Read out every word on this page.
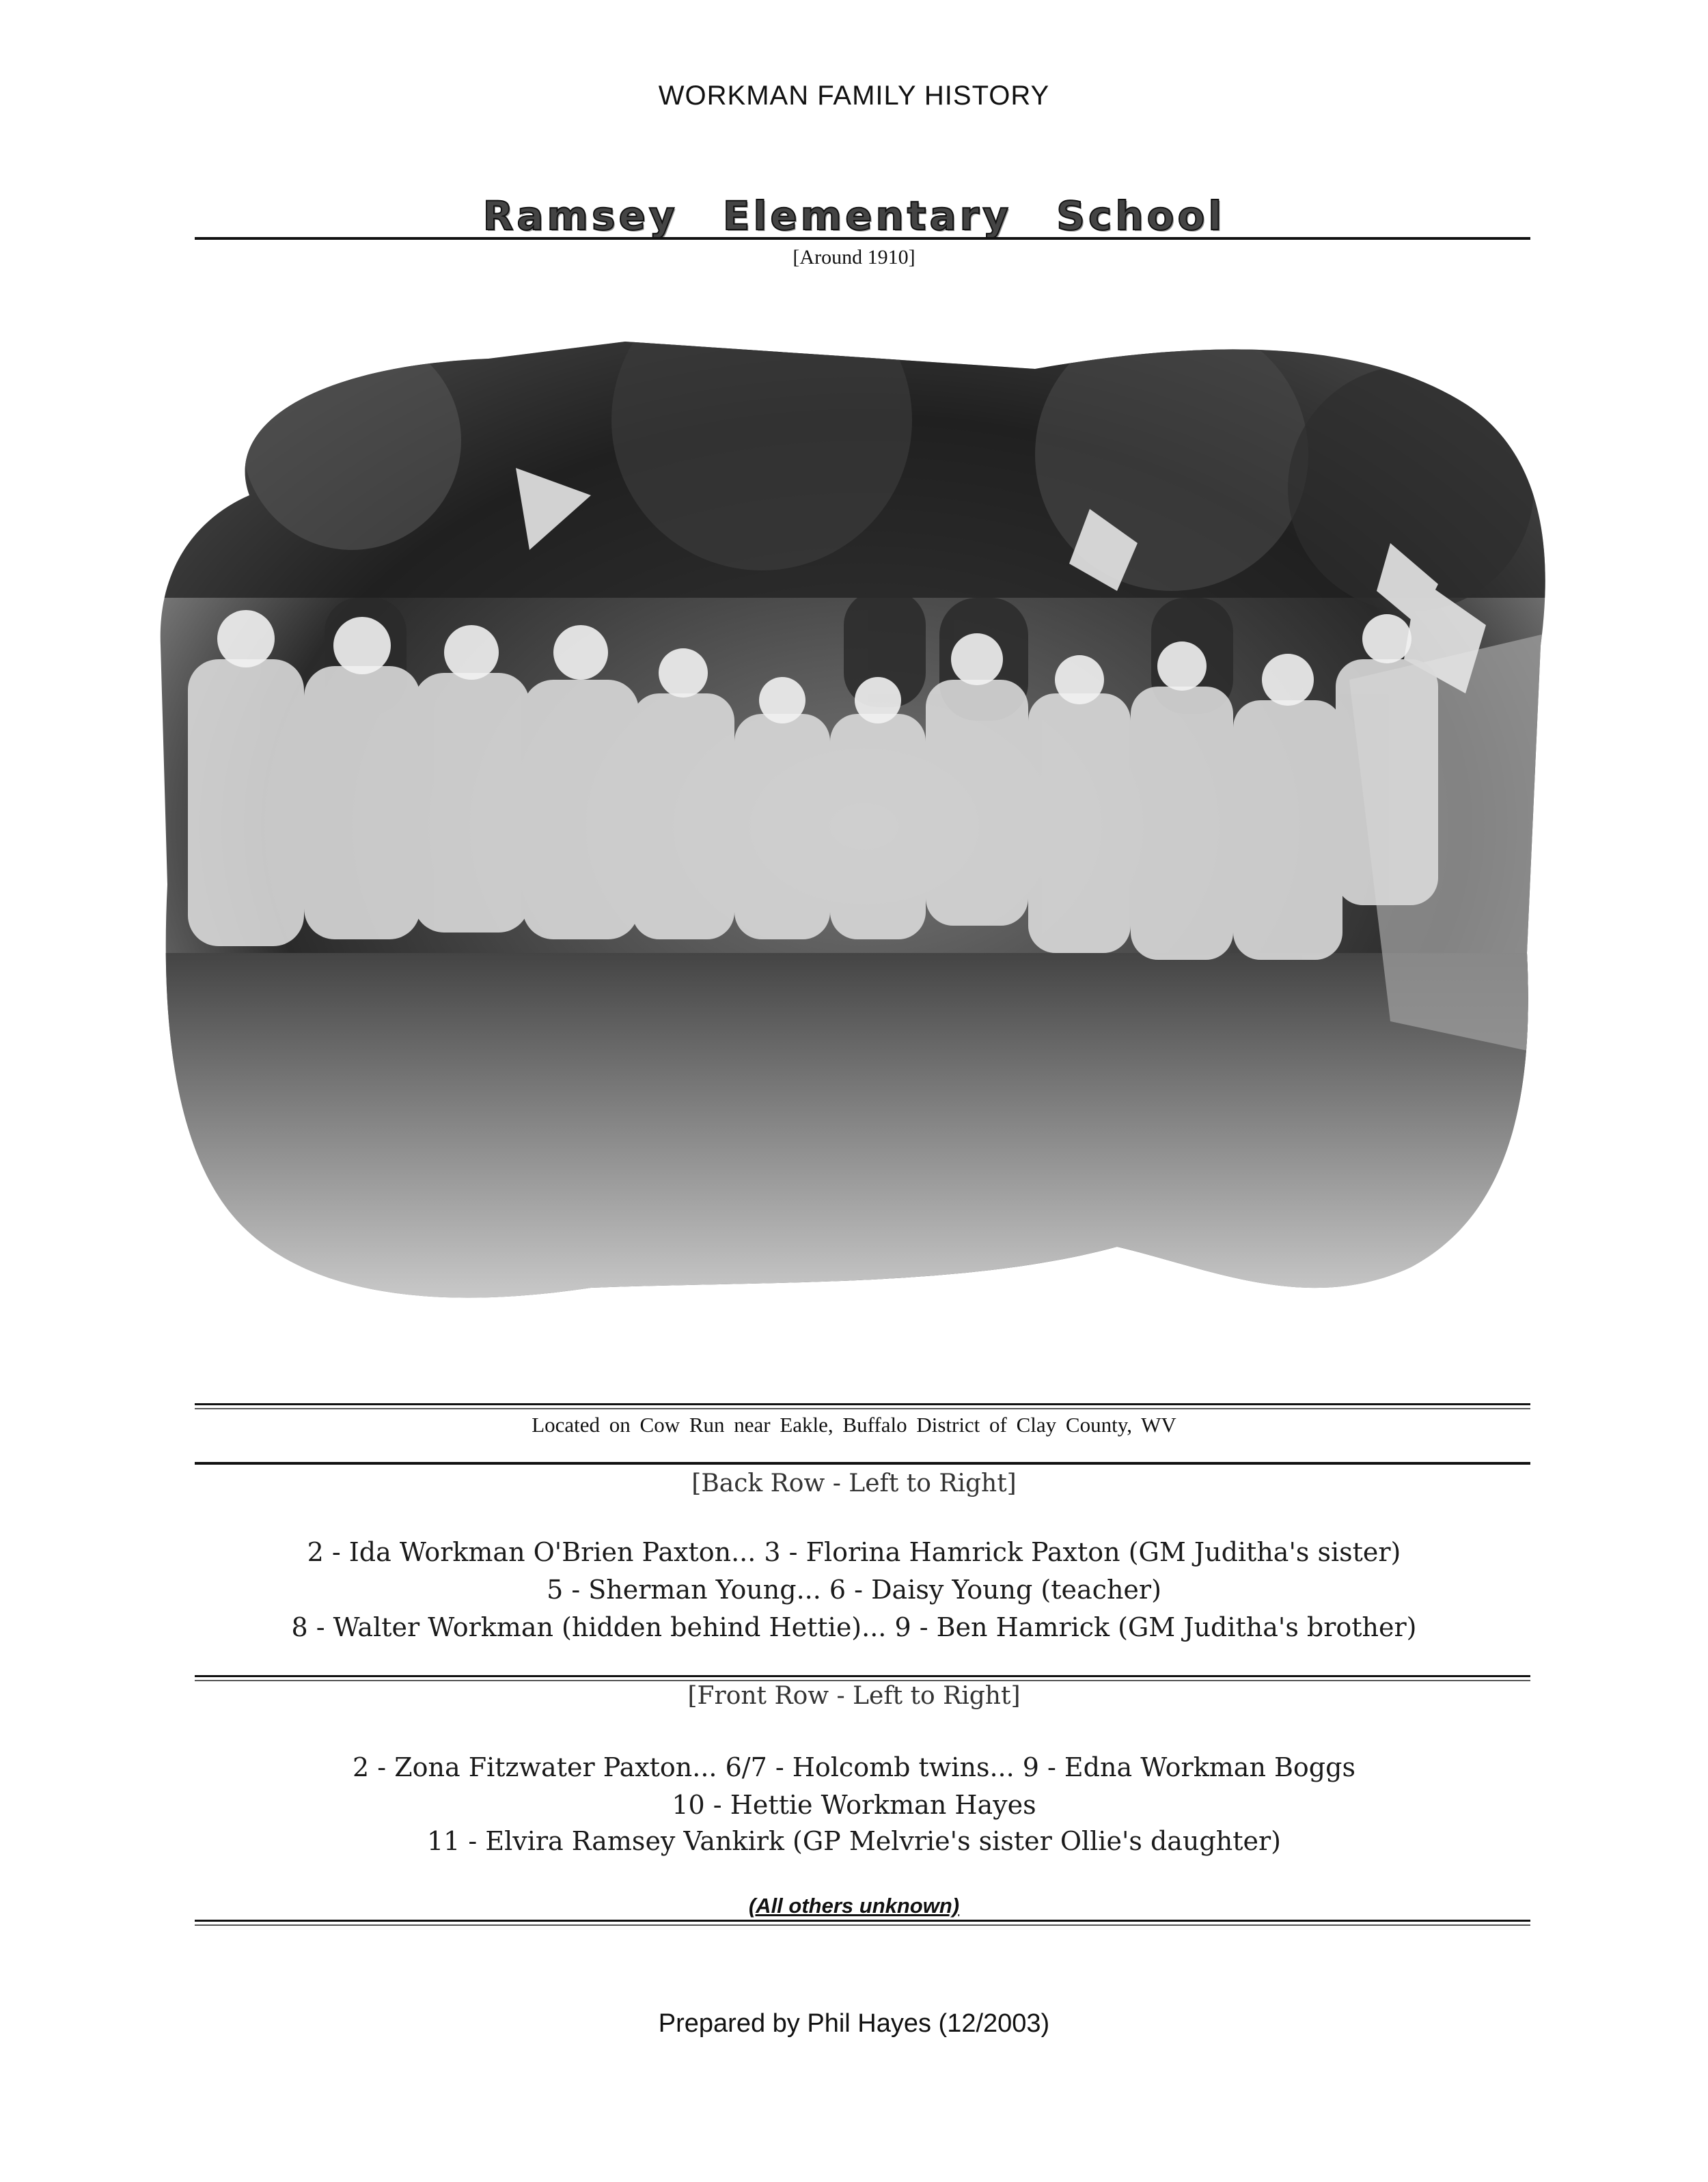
WORKMAN FAMILY HISTORY
Ramsey Elementary School
[Around 1910]
Located on Cow Run near Eakle, Buffalo District of Clay County, WV
[Back Row - Left to Right]
2 - Ida Workman O'Brien Paxton... 3 - Florina Hamrick Paxton (GM Juditha's sister)
5 - Sherman Young... 6 - Daisy Young (teacher)
8 - Walter Workman (hidden behind Hettie)... 9 - Ben Hamrick (GM Juditha's brother)
[Front Row - Left to Right]
2 - Zona Fitzwater Paxton... 6/7 - Holcomb twins... 9 - Edna Workman Boggs
10 - Hettie Workman Hayes
11 - Elvira Ramsey Vankirk (GP Melvrie's sister Ollie's daughter)
(All others unknown)
Prepared by Phil Hayes (12/2003)
